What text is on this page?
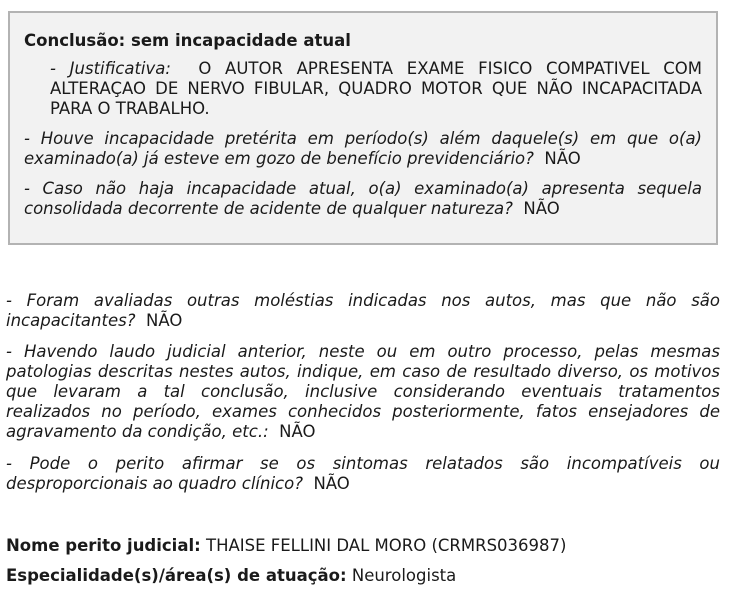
Conclusão: sem incapacidade atual
- Justificativa: O AUTOR APRESENTA EXAME FISICO COMPATIVEL COM ALTERAÇAO DE NERVO FIBULAR, QUADRO MOTOR QUE NÃO INCAPACITADA PARA O TRABALHO.
- Houve incapacidade pretérita em período(s) além daquele(s) em que o(a) examinado(a) já esteve em gozo de benefício previdenciário? NÃO
- Caso não haja incapacidade atual, o(a) examinado(a) apresenta sequela consolidada decorrente de acidente de qualquer natureza? NÃO
- Foram avaliadas outras moléstias indicadas nos autos, mas que não são incapacitantes? NÃO
- Havendo laudo judicial anterior, neste ou em outro processo, pelas mesmas patologias descritas nestes autos, indique, em caso de resultado diverso, os motivos que levaram a tal conclusão, inclusive considerando eventuais tratamentos realizados no período, exames conhecidos posteriormente, fatos ensejadores de agravamento da condição, etc.: NÃO
- Pode o perito afirmar se os sintomas relatados são incompatíveis ou desproporcionais ao quadro clínico? NÃO
Nome perito judicial: THAISE FELLINI DAL MORO (CRMRS036987)
Especialidade(s)/área(s) de atuação: Neurologista
